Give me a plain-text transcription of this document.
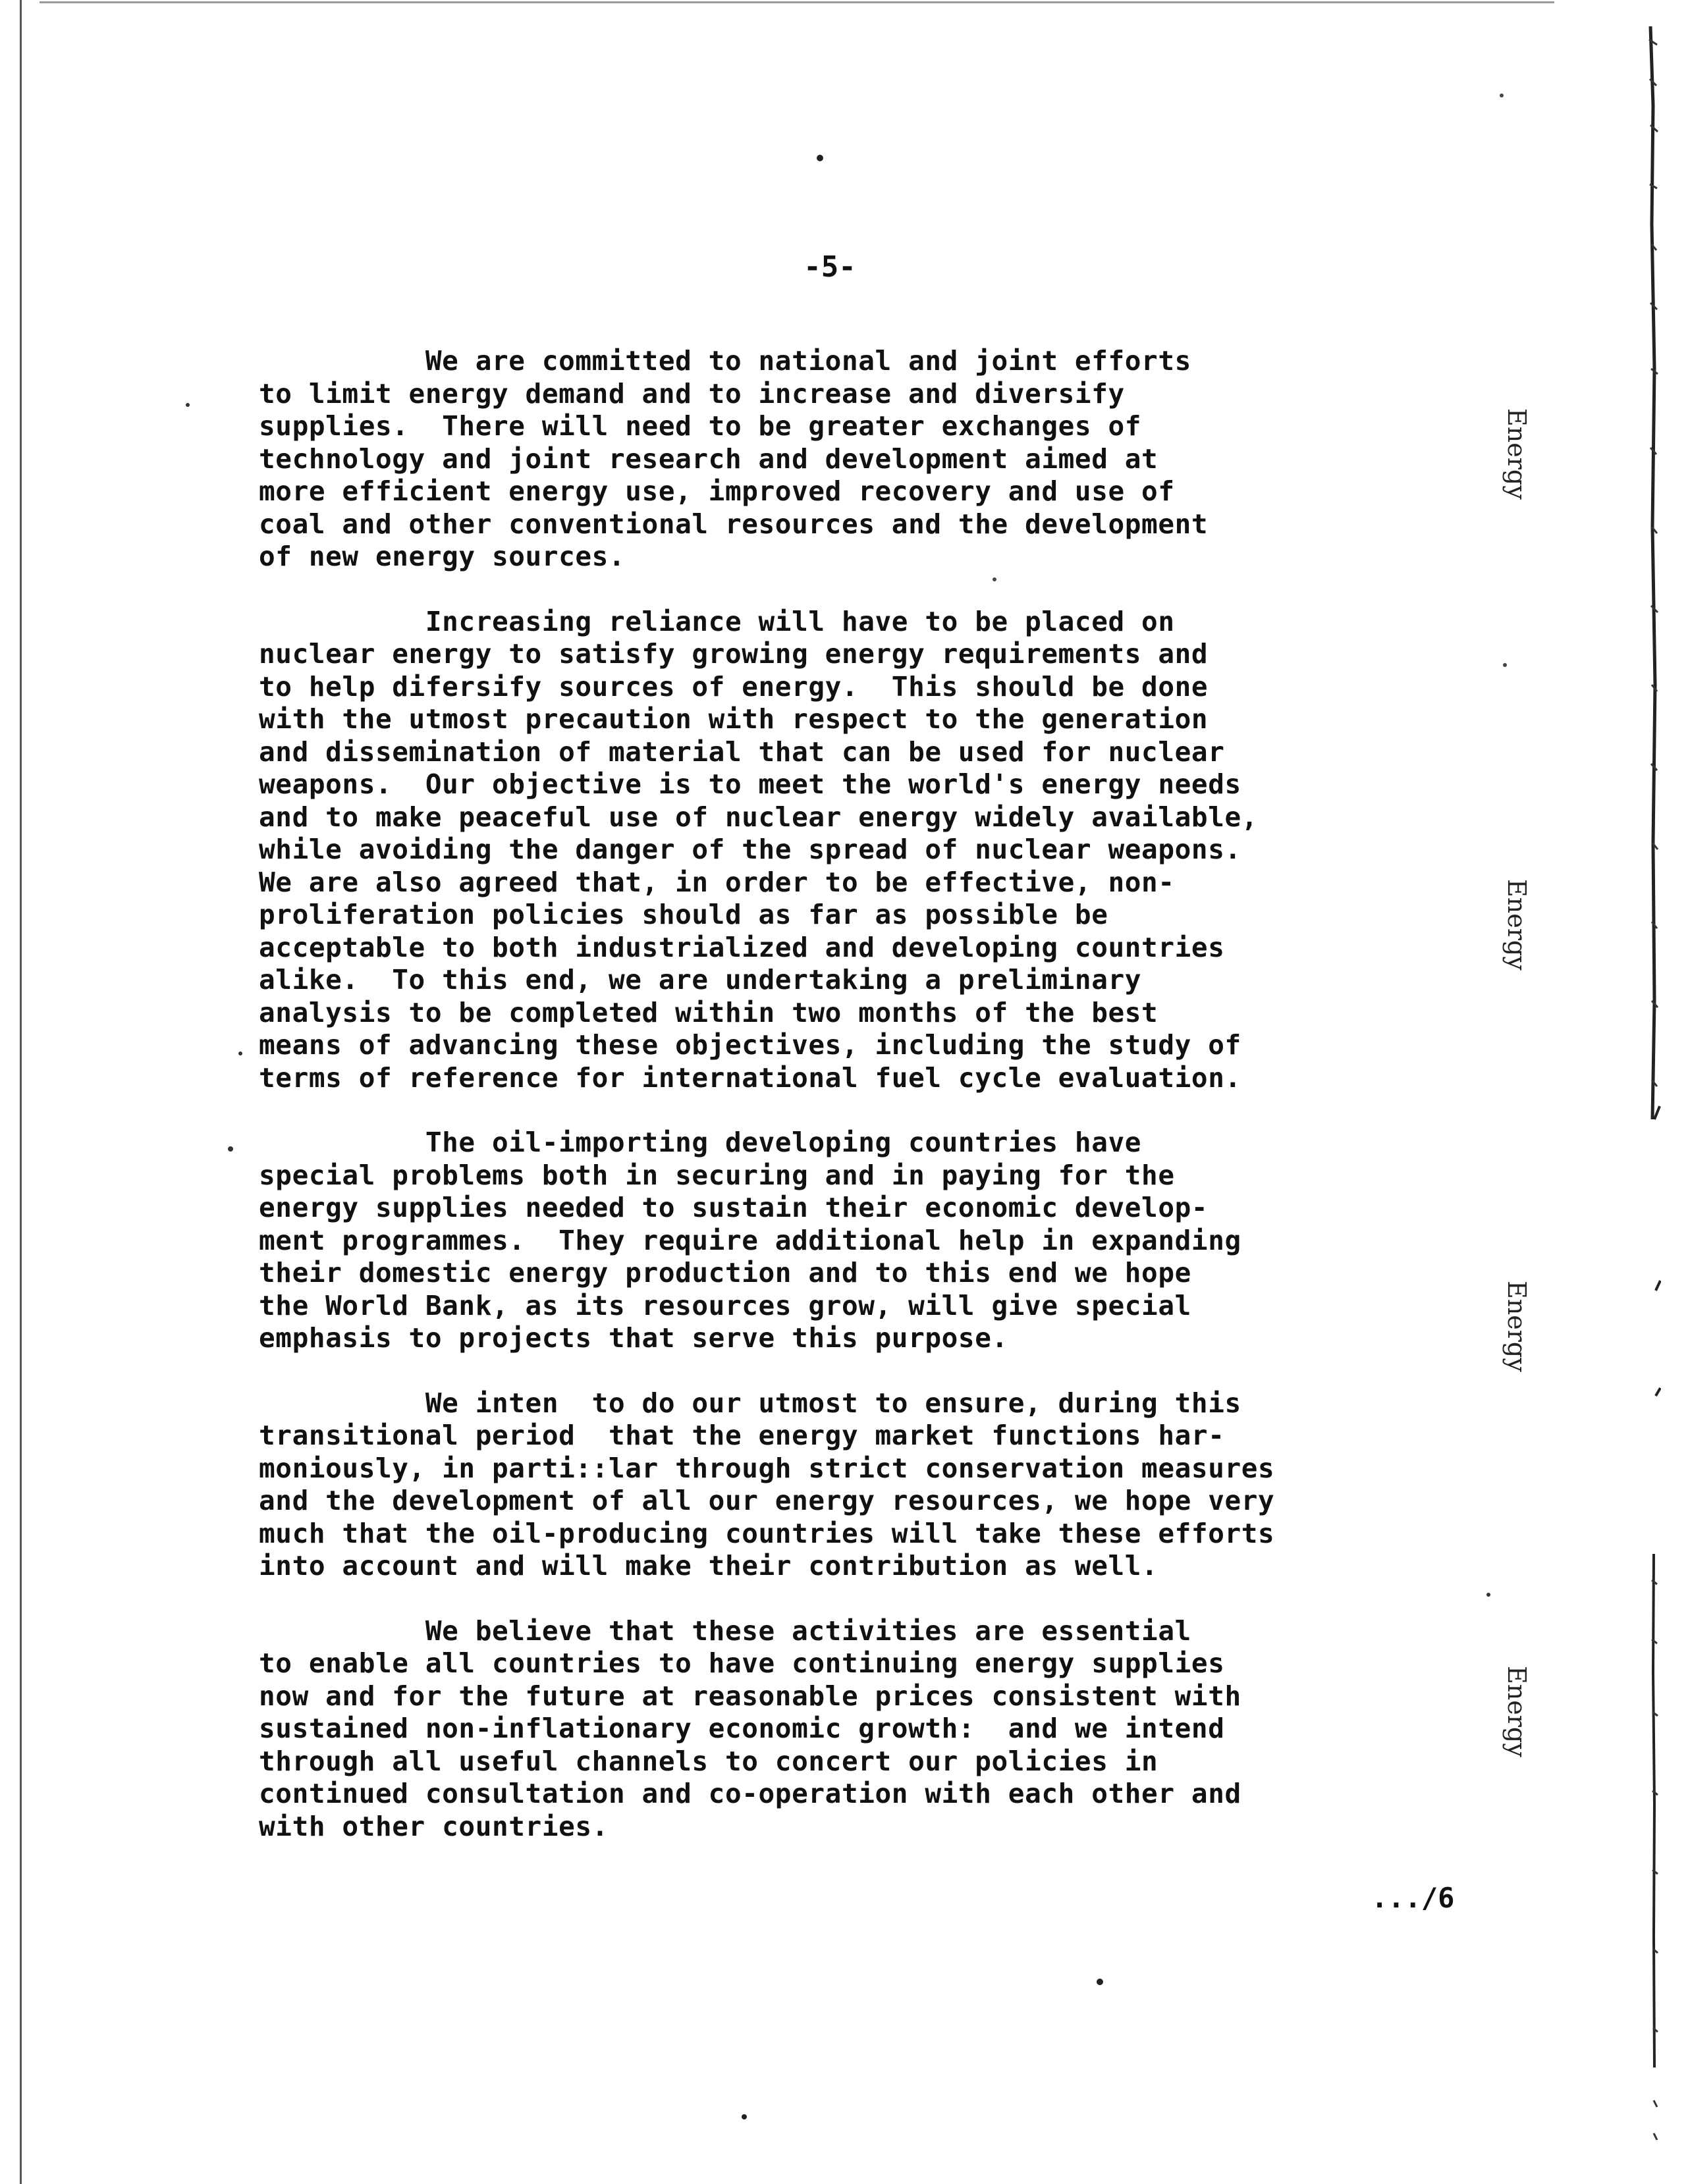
-5-

We are committed to national and joint efforts
to limit energy demand and to increase and diversify
supplies.  There will need to be greater exchanges of
technology and joint research and development aimed at
more efficient energy use, improved recovery and use of
coal and other conventional resources and the development
of new energy sources.

Increasing reliance will have to be placed on
nuclear energy to satisfy growing energy requirements and
to help difersify sources of energy.  This should be done
with the utmost precaution with respect to the generation
and dissemination of material that can be used for nuclear
weapons.  Our objective is to meet the world's energy needs
and to make peaceful use of nuclear energy widely available,
while avoiding the danger of the spread of nuclear weapons.
We are also agreed that, in order to be effective, non-
proliferation policies should as far as possible be
acceptable to both industrialized and developing countries
alike.  To this end, we are undertaking a preliminary
analysis to be completed within two months of the best
means of advancing these objectives, including the study of
terms of reference for international fuel cycle evaluation.

The oil-importing developing countries have
special problems both in securing and in paying for the
energy supplies needed to sustain their economic develop-
ment programmes.  They require additional help in expanding
their domestic energy production and to this end we hope
the World Bank, as its resources grow, will give special
emphasis to projects that serve this purpose.

We inten  to do our utmost to ensure, during this
transitional period  that the energy market functions har-
moniously, in parti::lar through strict conservation measures
and the development of all our energy resources, we hope very
much that the oil-producing countries will take these efforts
into account and will make their contribution as well.

We believe that these activities are essential
to enable all countries to have continuing energy supplies
now and for the future at reasonable prices consistent with
sustained non-inflationary economic growth:  and we intend
through all useful channels to concert our policies in
continued consultation and co-operation with each other and
with other countries.

Energy
Energy
Energy
Energy
.../6
